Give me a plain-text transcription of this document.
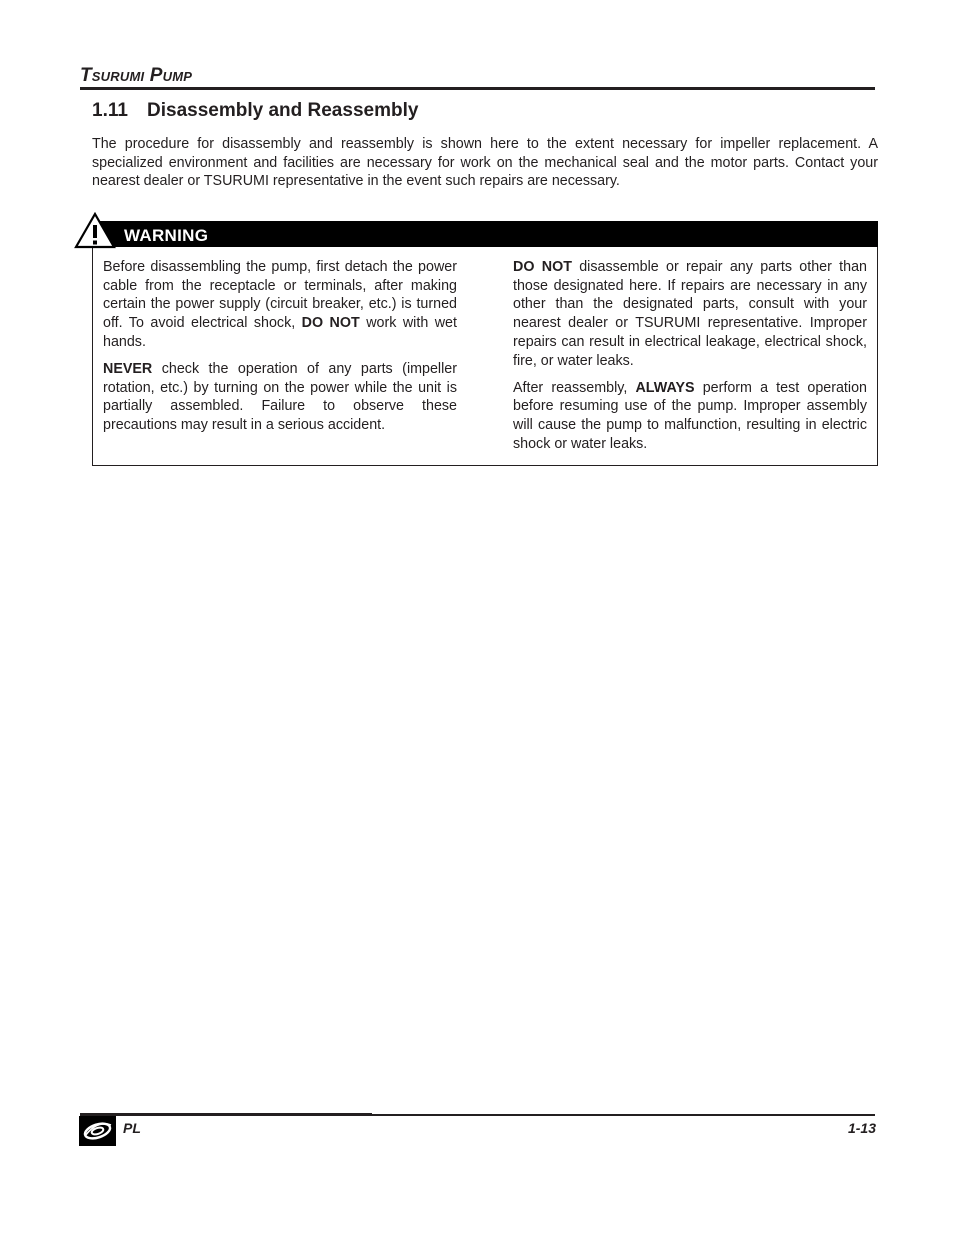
Tsurumi Pump
1.11 Disassembly and Reassembly

The procedure for disassembly and reassembly is shown here to the extent necessary for impeller replacement. A specialized environment and facilities are necessary for work on the mechanical seal and the motor parts. Contact your nearest dealer or TSURUMI representative in the event such repairs are necessary.

WARNING

Before disassembling the pump, first detach the power cable from the receptacle or terminals, after making certain the power supply (circuit breaker, etc.) is turned off. To avoid electrical shock, DO NOT work with wet hands.

NEVER check the operation of any parts (impeller rotation, etc.) by turning on the power while the unit is partially assembled. Failure to observe these precautions may result in a serious accident.

DO NOT disassemble or repair any parts other than those designated here. If repairs are necessary in any other than the designated parts, consult with your nearest dealer or TSURUMI representative. Improper repairs can result in electrical leakage, electrical shock, fire, or water leaks.

After reassembly, ALWAYS perform a test operation before resuming use of the pump. Improper assembly will cause the pump to malfunction, resulting in electric shock or water leaks.

PL	1-13
